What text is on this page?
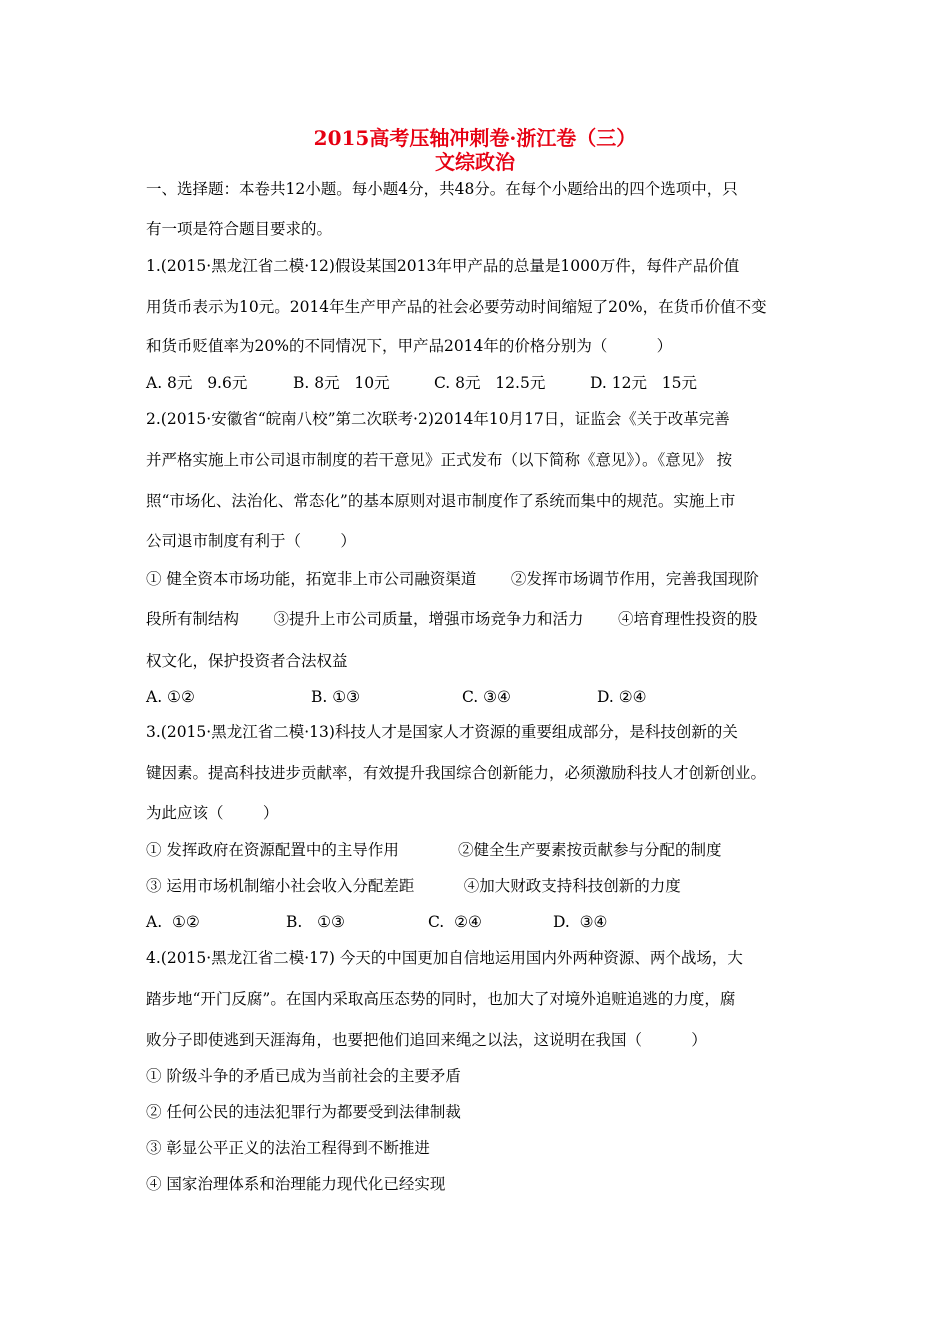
2015高考压轴冲刺卷·浙江卷（三）
文综政治
一、选择题：本卷共12小题。每小题4分，共48分。在每个小题给出的四个选项中，只
有一项是符合题目要求的。
1.(2015·黑龙江省二模·12)假设某国2013年甲产品的总量是1000万件，每件产品价值
用货币表示为10元。2014年生产甲产品的社会必要劳动时间缩短了20%，在货币价值不变
和货币贬值率为20%的不同情况下，甲产品2014年的价格分别为（          ）
A. 8元   9.6元	B. 8元   10元	C. 8元   12.5元	D. 12元   15元
2.(2015·安徽省“皖南八校”第二次联考·2)2014年10月17日，证监会《关于改革完善
并严格实施上市公司退市制度的若干意见》正式发布（以下简称《意见》）。《意见》 按
照“市场化、法治化、常态化”的基本原则对退市制度作了系统而集中的规范。实施上市
公司退市制度有利于（        ）
① 健全资本市场功能，拓宽非上市公司融资渠道       ②发挥市场调节作用，完善我国现阶
段所有制结构       ③提升上市公司质量，增强市场竞争力和活力       ④培育理性投资的股
权文化，保护投资者合法权益
A. ①②	B. ①③	C. ③④	D. ②④
3.(2015·黑龙江省二模·13)科技人才是国家人才资源的重要组成部分，是科技创新的关
键因素。提高科技进步贡献率，有效提升我国综合创新能力，必须激励科技人才创新创业。
为此应该（        ）
① 发挥政府在资源配置中的主导作用            ②健全生产要素按贡献参与分配的制度
③ 运用市场机制缩小社会收入分配差距          ④加大财政支持科技创新的力度
A.  ①②	B.   ①③	C.  ②④	D.  ③④
4.(2015·黑龙江省二模·17) 今天的中国更加自信地运用国内外两种资源、两个战场，大
踏步地“开门反腐”。在国内采取高压态势的同时，也加大了对境外追赃追逃的力度，腐
败分子即使逃到天涯海角，也要把他们追回来绳之以法，这说明在我国（          ）
① 阶级斗争的矛盾已成为当前社会的主要矛盾
② 任何公民的违法犯罪行为都要受到法律制裁
③ 彰显公平正义的法治工程得到不断推进
④ 国家治理体系和治理能力现代化已经实现
